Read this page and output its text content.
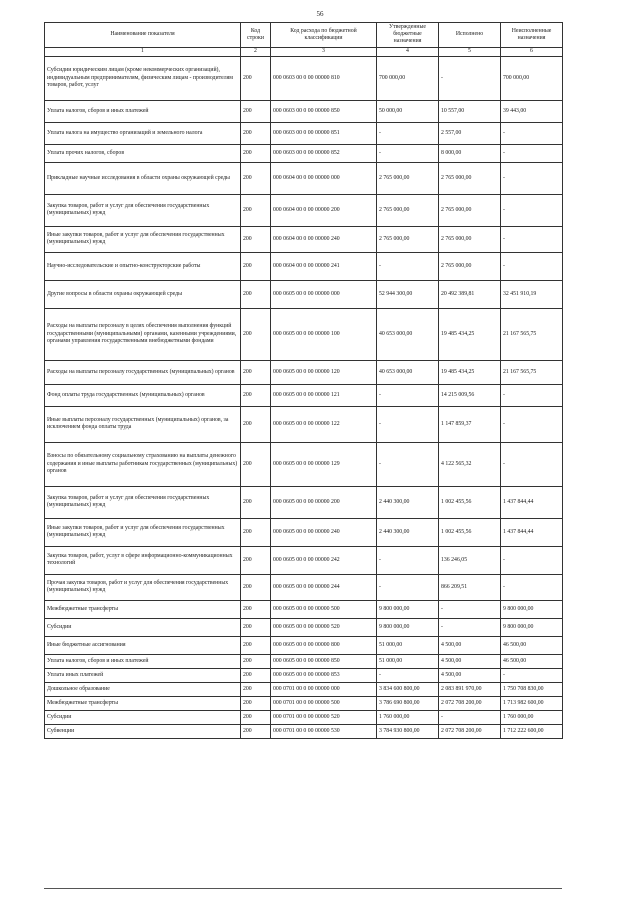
56
Наименование показателя	Код строки	Код расхода по бюджетной классификации	Утвержденные бюджетные назначения	Исполнено	Неисполненные назначения
1	2	3	4	5	6
Субсидии юридическим лицам (кроме некоммерческих организаций), индивидуальным предпринимателям, физическим лицам - производителям товаров, работ, услуг	200	000 0603 00 0 00 00000 810	700 000,00	-	700 000,00
Уплата налогов, сборов и иных платежей	200	000 0603 00 0 00 00000 850	50 000,00	10 557,00	39 443,00
Уплата налога на имущество организаций и земельного налога	200	000 0603 00 0 00 00000 851	-	2 557,00	-
Уплата прочих налогов, сборов	200	000 0603 00 0 00 00000 852	-	8 000,00	-
Прикладные научные исследования в области охраны окружающей среды	200	000 0604 00 0 00 00000 000	2 765 000,00	2 765 000,00	-
Закупка товаров, работ и услуг для обеспечения государственных (муниципальных) нужд	200	000 0604 00 0 00 00000 200	2 765 000,00	2 765 000,00	-
Иные закупки товаров, работ и услуг для обеспечения государственных (муниципальных) нужд	200	000 0604 00 0 00 00000 240	2 765 000,00	2 765 000,00	-
Научно-исследовательские и опытно-конструкторские работы	200	000 0604 00 0 00 00000 241	-	2 765 000,00	-
Другие вопросы в области охраны окружающей среды	200	000 0605 00 0 00 00000 000	52 944 300,00	20 492 389,81	32 451 910,19
Расходы на выплаты персоналу в целях обеспечения выполнения функций государственными (муниципальными) органами, казенными учреждениями, органами управления государственными внебюджетными фондами	200	000 0605 00 0 00 00000 100	40 653 000,00	19 485 434,25	21 167 565,75
Расходы на выплаты персоналу государственных (муниципальных) органов	200	000 0605 00 0 00 00000 120	40 653 000,00	19 485 434,25	21 167 565,75
Фонд оплаты труда государственных (муниципальных) органов	200	000 0605 00 0 00 00000 121	-	14 215 009,56	-
Иные выплаты персоналу государственных (муниципальных) органов, за исключением фонда оплаты труда	200	000 0605 00 0 00 00000 122	-	1 147 859,37	-
Взносы по обязательному социальному страхованию на выплаты денежного содержания и иные выплаты работникам государственных (муниципальных) органов	200	000 0605 00 0 00 00000 129	-	4 122 565,32	-
Закупка товаров, работ и услуг для обеспечения государственных (муниципальных) нужд	200	000 0605 00 0 00 00000 200	2 440 300,00	1 002 455,56	1 437 844,44
Иные закупки товаров, работ и услуг для обеспечения государственных (муниципальных) нужд	200	000 0605 00 0 00 00000 240	2 440 300,00	1 002 455,56	1 437 844,44
Закупка товаров, работ, услуг в сфере информационно-коммуникационных технологий	200	000 0605 00 0 00 00000 242	-	136 246,05	-
Прочая закупка товаров, работ и услуг для обеспечения государственных (муниципальных) нужд	200	000 0605 00 0 00 00000 244	-	866 209,51	-
Межбюджетные трансферты	200	000 0605 00 0 00 00000 500	9 800 000,00	-	9 800 000,00
Субсидии	200	000 0605 00 0 00 00000 520	9 800 000,00	-	9 800 000,00
Иные бюджетные ассигнования	200	000 0605 00 0 00 00000 800	51 000,00	4 500,00	46 500,00
Уплата налогов, сборов и иных платежей	200	000 0605 00 0 00 00000 850	51 000,00	4 500,00	46 500,00
Уплата иных платежей	200	000 0605 00 0 00 00000 853	-	4 500,00	-
Дошкольное образование	200	000 0701 00 0 00 00000 000	3 834 600 800,00	2 083 891 970,00	1 750 708 830,00
Межбюджетные трансферты	200	000 0701 00 0 00 00000 500	3 786 690 800,00	2 072 708 200,00	1 713 982 600,00
Субсидии	200	000 0701 00 0 00 00000 520	1 760 000,00	-	1 760 000,00
Субвенции	200	000 0701 00 0 00 00000 530	3 784 930 800,00	2 072 708 200,00	1 712 222 600,00
